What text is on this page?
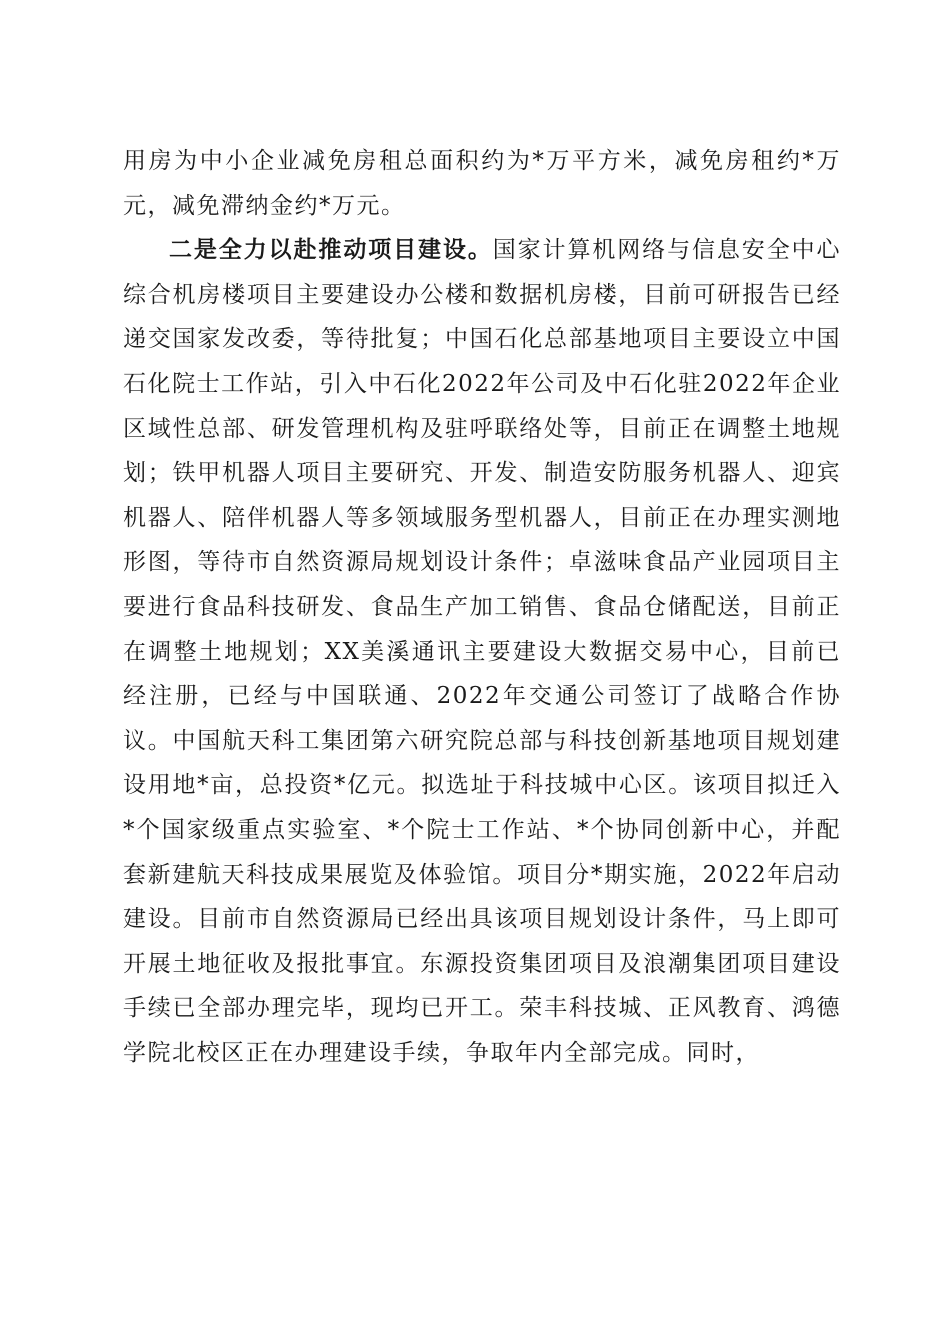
用房为中小企业减免房租总面积约为*万平方米，减免房租约*万元，减免滞纳金约*万元。

二是全力以赴推动项目建设。国家计算机网络与信息安全中心综合机房楼项目主要建设办公楼和数据机房楼，目前可研报告已经递交国家发改委，等待批复；中国石化总部基地项目主要设立中国石化院士工作站，引入中石化2022年公司及中石化驻2022年企业区域性总部、研发管理机构及驻呼联络处等，目前正在调整土地规划；铁甲机器人项目主要研究、开发、制造安防服务机器人、迎宾机器人、陪伴机器人等多领域服务型机器人，目前正在办理实测地形图，等待市自然资源局规划设计条件；卓滋味食品产业园项目主要进行食品科技研发、食品生产加工销售、食品仓储配送，目前正在调整土地规划；XX美溪通讯主要建设大数据交易中心，目前已经注册，已经与中国联通、2022年交通公司签订了战略合作协议。中国航天科工集团第六研究院总部与科技创新基地项目规划建设用地*亩，总投资*亿元。拟选址于科技城中心区。该项目拟迁入*个国家级重点实验室、*个院士工作站、*个协同创新中心，并配套新建航天科技成果展览及体验馆。项目分*期实施，2022年启动建设。目前市自然资源局已经出具该项目规划设计条件，马上即可开展土地征收及报批事宜。东源投资集团项目及浪潮集团项目建设手续已全部办理完毕，现均已开工。荣丰科技城、正风教育、鸿德学院北校区正在办理建设手续，争取年内全部完成。同时，
